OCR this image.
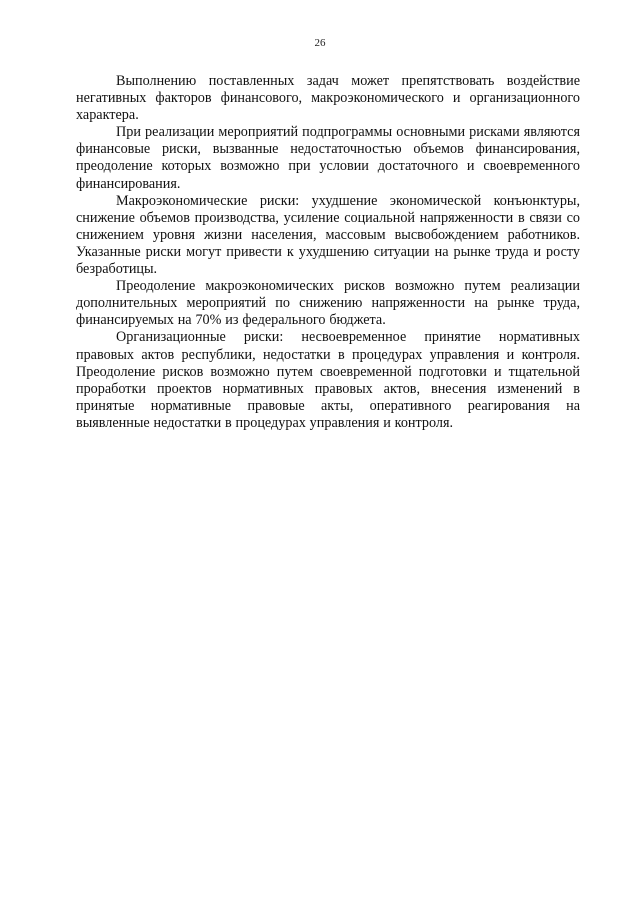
26

Выполнению поставленных задач может препятствовать воздействие негативных факторов финансового, макроэкономического и организационного характера.

При реализации мероприятий подпрограммы основными рисками являются финансовые риски, вызванные недостаточностью объемов финансирования, преодоление которых возможно при условии достаточного и своевременного финансирования.

Макроэкономические риски: ухудшение экономической конъюнктуры, снижение объемов производства, усиление социальной напряженности в связи со снижением уровня жизни населения, массовым высвобождением работников. Указанные риски могут привести к ухудшению ситуации на рынке труда и росту безработицы.

Преодоление макроэкономических рисков возможно путем реализации дополнительных мероприятий по снижению напряженности на рынке труда, финансируемых на 70% из федерального бюджета.

Организационные риски: несвоевременное принятие нормативных правовых актов республики, недостатки в процедурах управления и контроля. Преодоление рисков возможно путем своевременной подготовки и тщательной проработки проектов нормативных правовых актов, внесения изменений в принятые нормативные правовые акты, оперативного реагирования на выявленные недостатки в процедурах управления и контроля.
